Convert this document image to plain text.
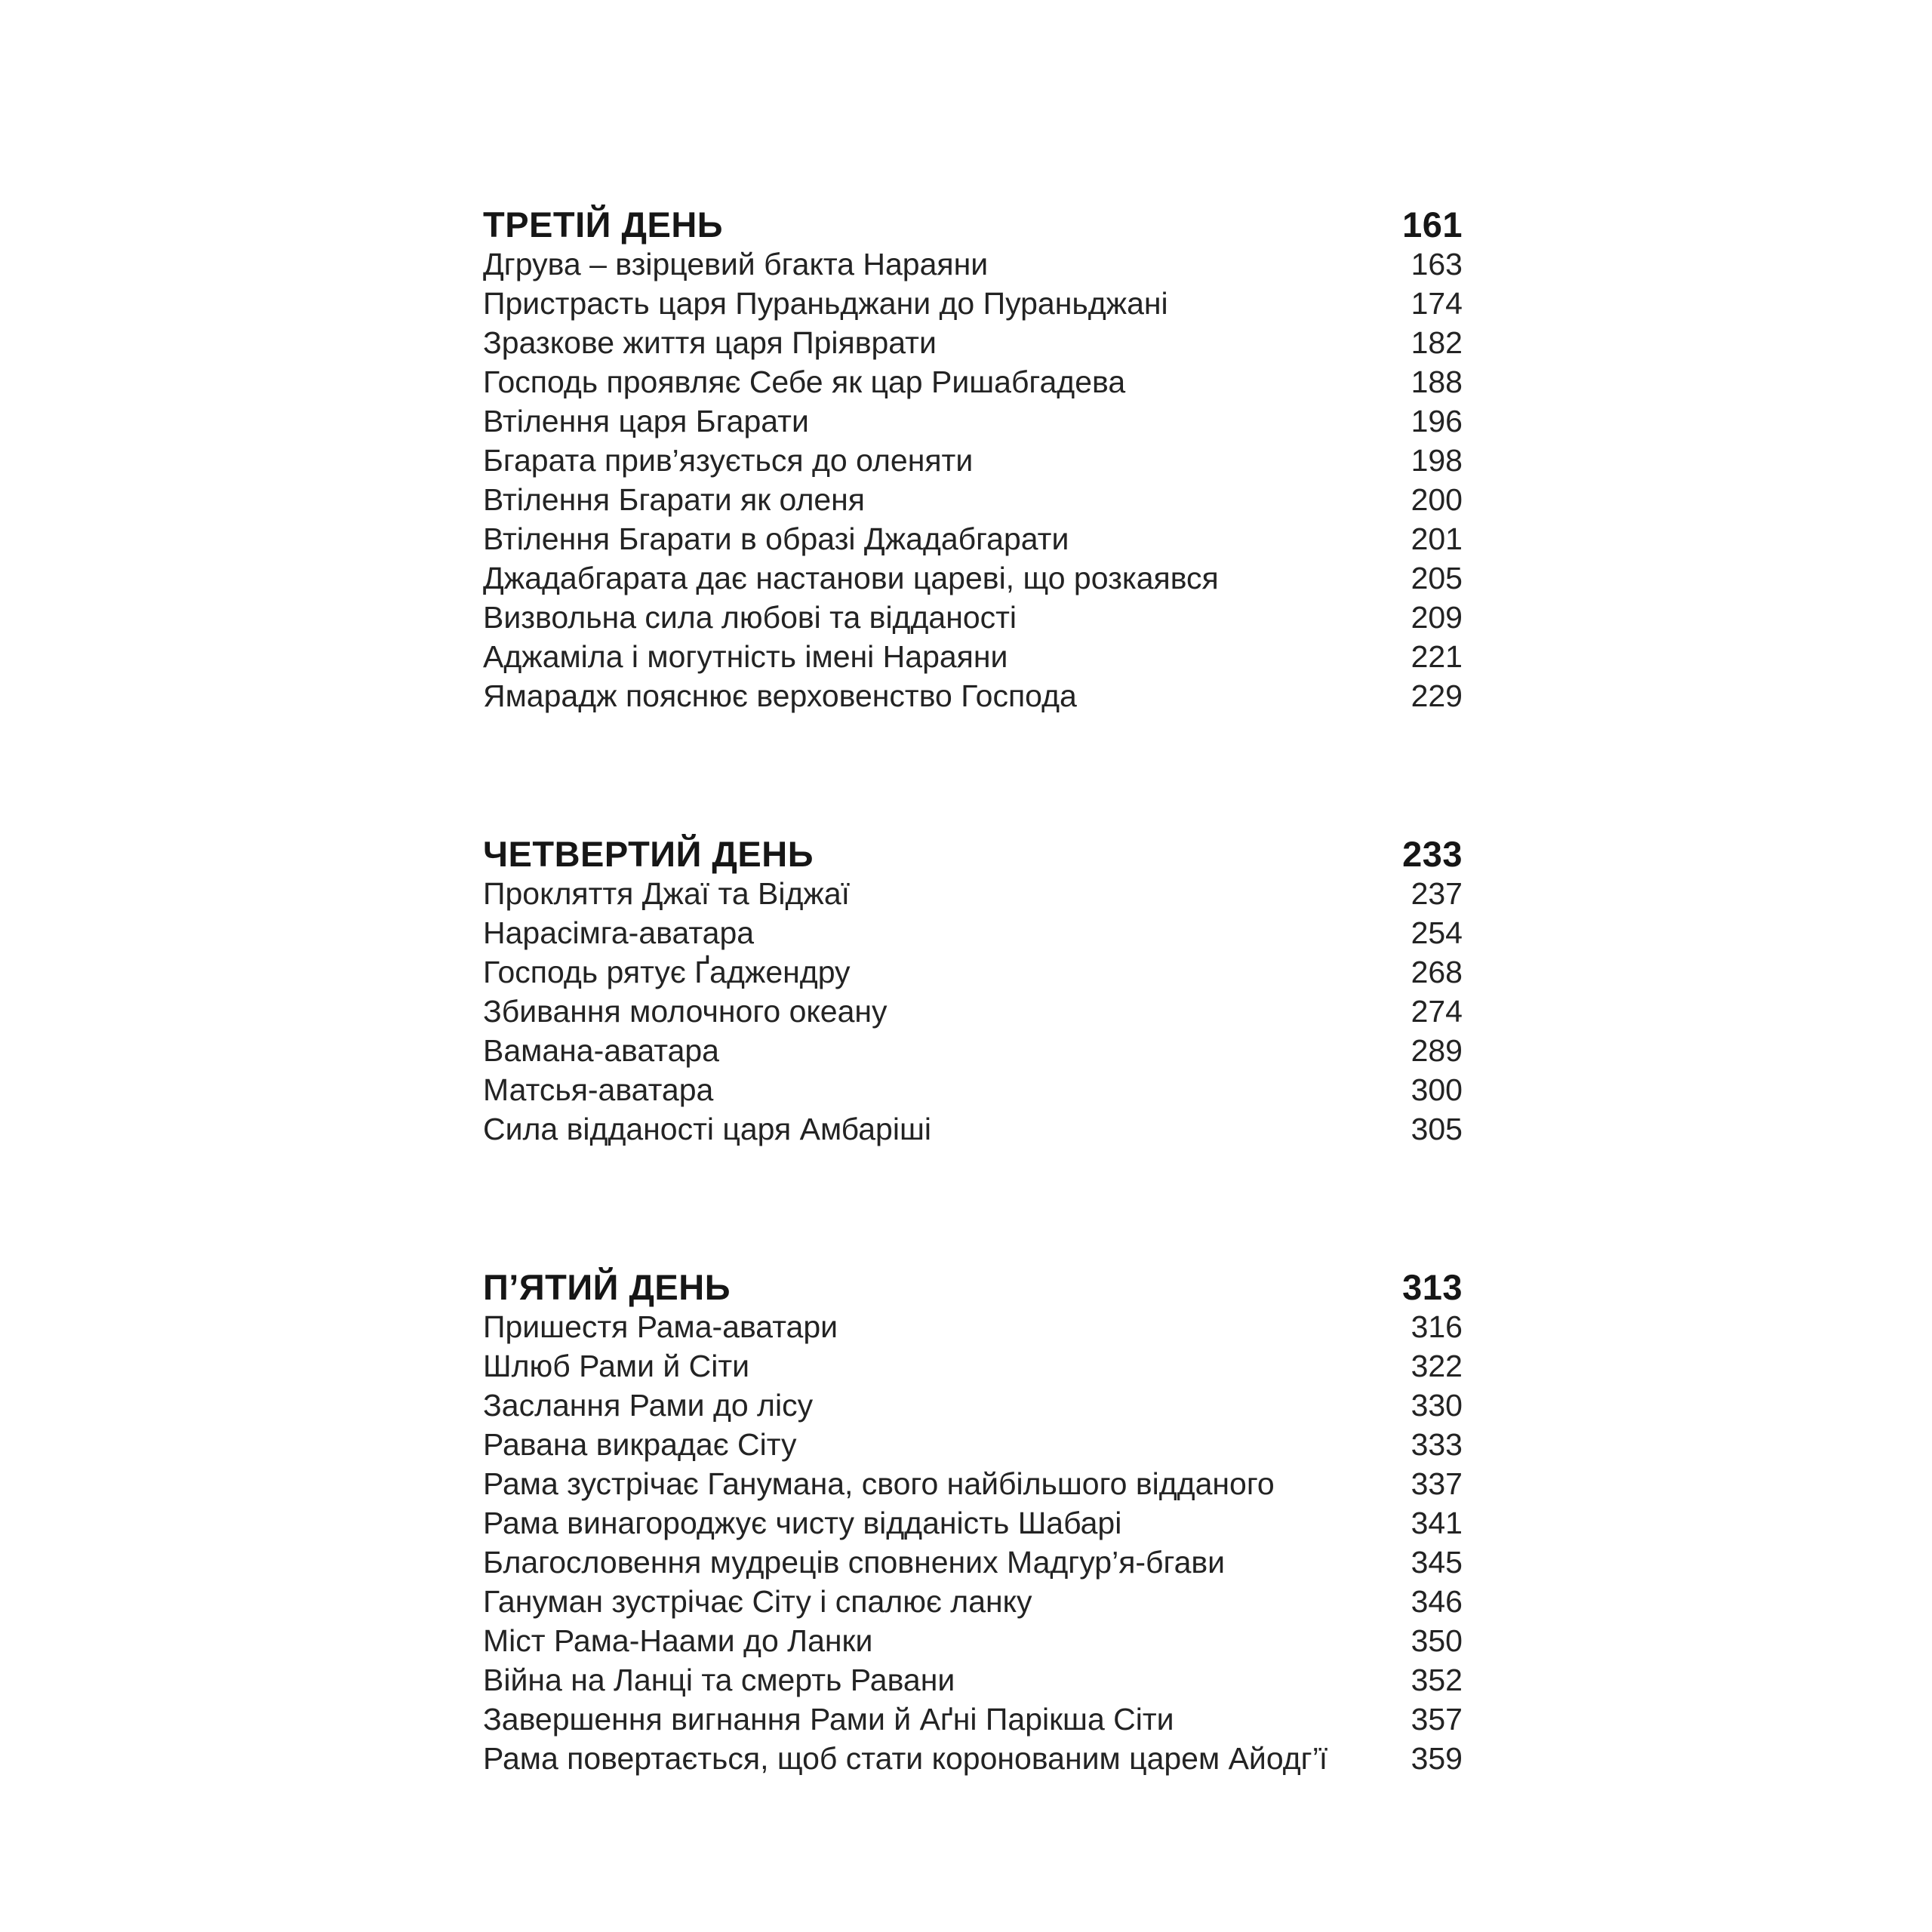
ТРЕТІЙ ДЕНЬ	161
Дгрува – взірцевий бгакта Нараяни	163
Пристрасть царя Пураньджани до Пураньджані	174
Зразкове життя царя Пріяврати	182
Господь проявляє Себе як цар Ришабгадева	188
Втілення царя Бгарати	196
Бгарата прив’язується до оленяти	198
Втілення Бгарати як оленя	200
Втілення Бгарати в образі Джадабгарати	201
Джадабгарата дає настанови цареві, що розкаявся	205
Визвольна сила любові та відданості	209
Аджаміла і могутність імені Нараяни	221
Ямарадж пояснює верховенство Господа	229
ЧЕТВЕРТИЙ ДЕНЬ	233
Прокляття Джаї та Віджаї	237
Нарасімга-аватара	254
Господь рятує Ґаджендру	268
Збивання молочного океану	274
Вамана-аватара	289
Матсья-аватара	300
Сила відданості царя Амбаріші	305
П’ЯТИЙ ДЕНЬ	313
Пришестя Рама-аватари	316
Шлюб Рами й Сіти	322
Заслання Рами до лісу	330
Равана викрадає Сіту	333
Рама зустрічає Ганумана, свого найбільшого відданого	337
Рама винагороджує чисту відданість Шабарі	341
Благословення мудреців сповнених Мадгур’я-бгави	345
Гануман зустрічає Сіту і спалює ланку	346
Міст Рама-Наами до Ланки	350
Війна на Ланці та смерть Равани	352
Завершення вигнання Рами й Аґні Парікша Сіти	357
Рама повертається, щоб стати коронованим царем Айодг’ї	359
